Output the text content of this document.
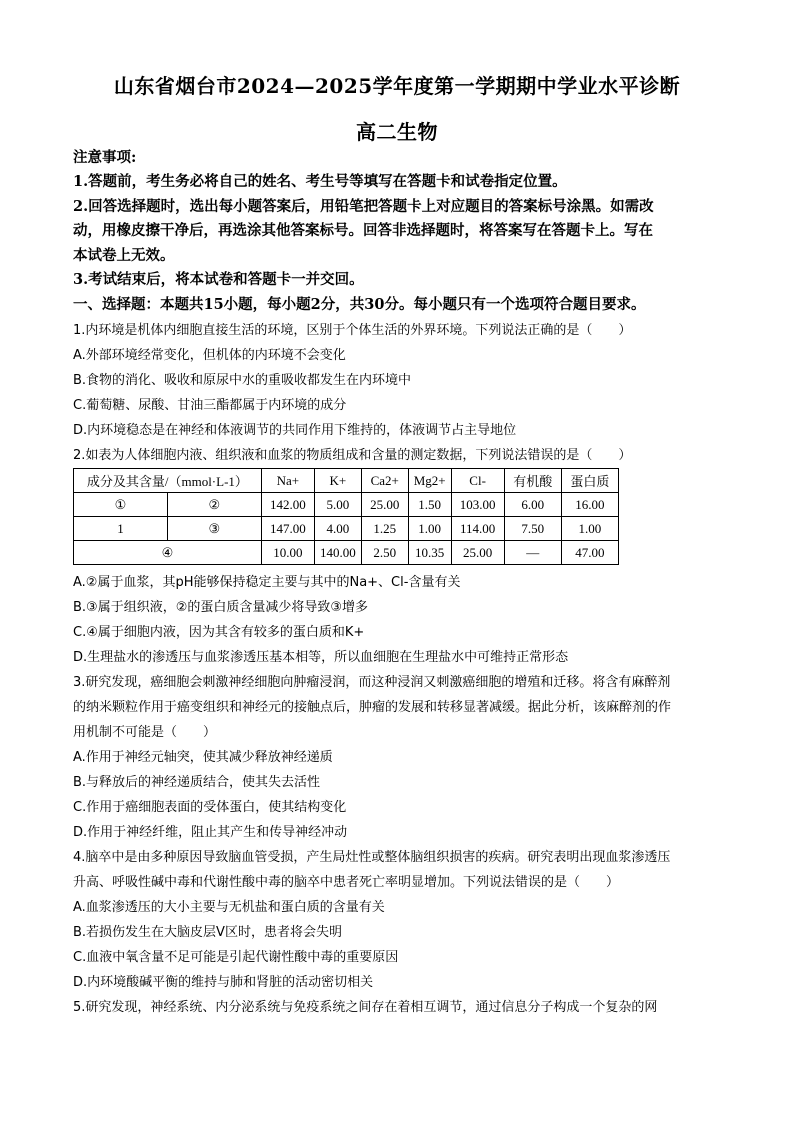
山东省烟台市2024—2025学年度第一学期期中学业水平诊断
高二生物
注意事项:
1.答题前，考生务必将自己的姓名、考生号等填写在答题卡和试卷指定位置。
2.回答选择题时，选出每小题答案后，用铅笔把答题卡上对应题目的答案标号涂黑。如需改
动，用橡皮擦干净后，再选涂其他答案标号。回答非选择题时，将答案写在答题卡上。写在
本试卷上无效。
3.考试结束后，将本试卷和答题卡一并交回。
一、选择题：本题共15小题，每小题2分，共30分。每小题只有一个选项符合题目要求。
1.内环境是机体内细胞直接生活的环境，区别于个体生活的外界环境。下列说法正确的是（　　）
A.外部环境经常变化，但机体的内环境不会变化
B.食物的消化、吸收和原尿中水的重吸收都发生在内环境中
C.葡萄糖、尿酸、甘油三酯都属于内环境的成分
D.内环境稳态是在神经和体液调节的共同作用下维持的，体液调节占主导地位
2.如表为人体细胞内液、组织液和血浆的物质组成和含量的测定数据，下列说法错误的是（　　）
成分及其含量/（mmol·L-1）		Na+	K+	Ca2+	Mg2+	Cl-	有机酸	蛋白质
①	②	142.00	5.00	25.00	1.50	103.00	6.00	16.00
1	③	147.00	4.00	1.25	1.00	114.00	7.50	1.00
④		10.00	140.00	2.50	10.35	25.00	—	47.00
A.②属于血浆，其pH能够保持稳定主要与其中的Na+、Cl-含量有关
B.③属于组织液，②的蛋白质含量减少将导致③增多
C.④属于细胞内液，因为其含有较多的蛋白质和K+
D.生理盐水的渗透压与血浆渗透压基本相等，所以血细胞在生理盐水中可维持正常形态
3.研究发现，癌细胞会刺激神经细胞向肿瘤浸润，而这种浸润又刺激癌细胞的增殖和迁移。将含有麻醉剂
的纳米颗粒作用于癌变组织和神经元的接触点后，肿瘤的发展和转移显著减缓。据此分析，该麻醉剂的作
用机制不可能是（　　）
A.作用于神经元轴突，使其减少释放神经递质
B.与释放后的神经递质结合，使其失去活性
C.作用于癌细胞表面的受体蛋白，使其结构变化
D.作用于神经纤维，阻止其产生和传导神经冲动
4.脑卒中是由多种原因导致脑血管受损，产生局灶性或整体脑组织损害的疾病。研究表明出现血浆渗透压
升高、呼吸性碱中毒和代谢性酸中毒的脑卒中患者死亡率明显增加。下列说法错误的是（　　）
A.血浆渗透压的大小主要与无机盐和蛋白质的含量有关
B.若损伤发生在大脑皮层V区时，患者将会失明
C.血液中氧含量不足可能是引起代谢性酸中毒的重要原因
D.内环境酸碱平衡的维持与肺和肾脏的活动密切相关
5.研究发现，神经系统、内分泌系统与免疫系统之间存在着相互调节，通过信息分子构成一个复杂的网
